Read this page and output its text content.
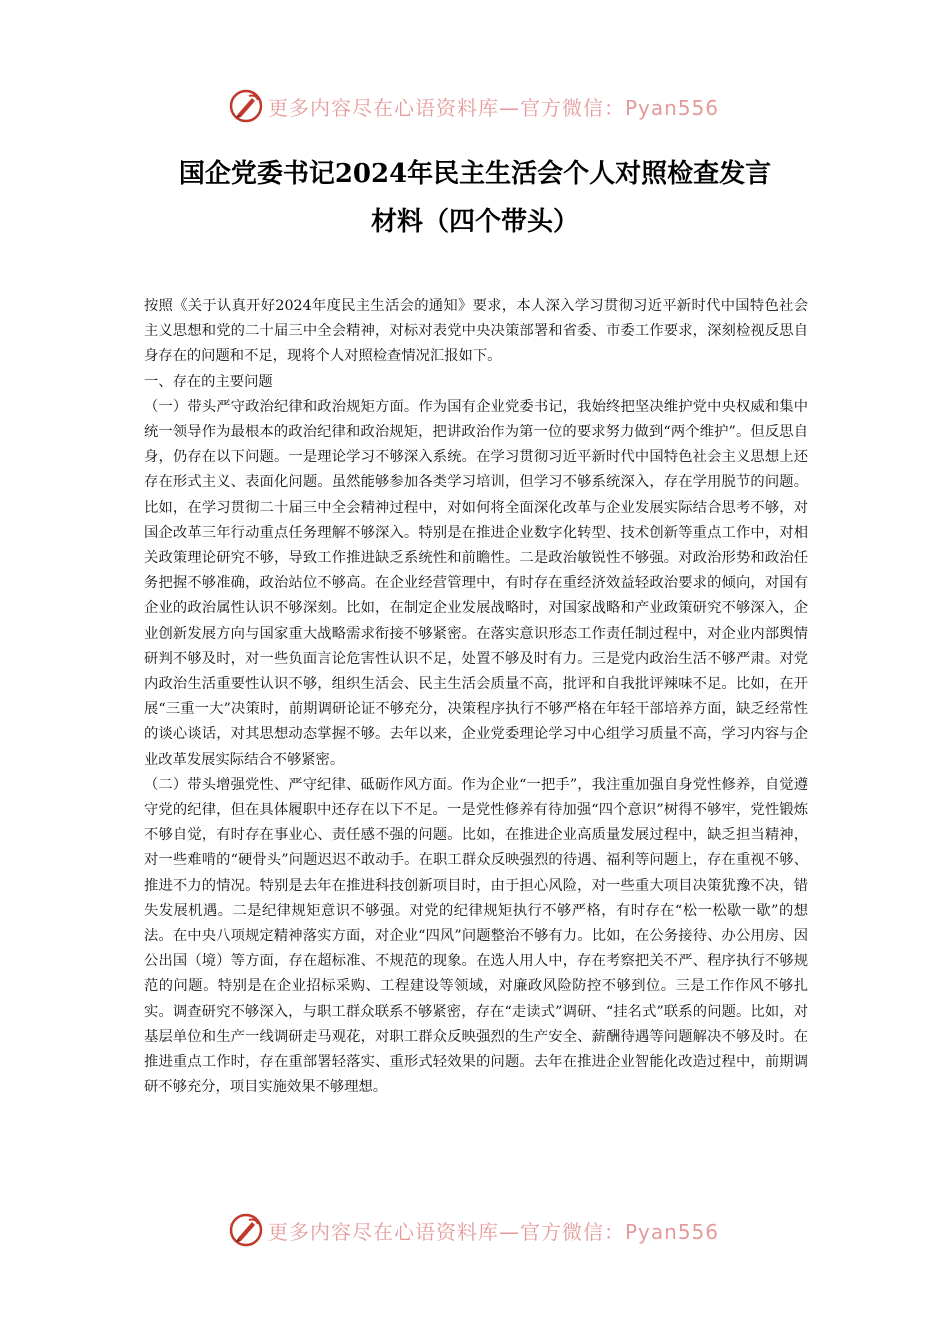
更多内容尽在心语资料库—官方微信：Pyan556
国企党委书记2024年民主生活会个人对照检查发言
材料（四个带头）

按照《关于认真开好2024年度民主生活会的通知》要求，本人深入学习贯彻习近平新时代中国特色社会主义思想和党的二十届三中全会精神，对标对表党中央决策部署和省委、市委工作要求，深刻检视反思自身存在的问题和不足，现将个人对照检查情况汇报如下。

一、存在的主要问题

（一）带头严守政治纪律和政治规矩方面。作为国有企业党委书记，我始终把坚决维护党中央权威和集中统一领导作为最根本的政治纪律和政治规矩，把讲政治作为第一位的要求努力做到“两个维护”。但反思自身，仍存在以下问题。一是理论学习不够深入系统。在学习贯彻习近平新时代中国特色社会主义思想上还存在形式主义、表面化问题。虽然能够参加各类学习培训，但学习不够系统深入，存在学用脱节的问题。比如，在学习贯彻二十届三中全会精神过程中，对如何将全面深化改革与企业发展实际结合思考不够，对国企改革三年行动重点任务理解不够深入。特别是在推进企业数字化转型、技术创新等重点工作中，对相关政策理论研究不够，导致工作推进缺乏系统性和前瞻性。二是政治敏锐性不够强。对政治形势和政治任务把握不够准确，政治站位不够高。在企业经营管理中，有时存在重经济效益轻政治要求的倾向，对国有企业的政治属性认识不够深刻。比如，在制定企业发展战略时，对国家战略和产业政策研究不够深入，企业创新发展方向与国家重大战略需求衔接不够紧密。在落实意识形态工作责任制过程中，对企业内部舆情研判不够及时，对一些负面言论危害性认识不足，处置不够及时有力。三是党内政治生活不够严肃。对党内政治生活重要性认识不够，组织生活会、民主生活会质量不高，批评和自我批评辣味不足。比如，在开展“三重一大”决策时，前期调研论证不够充分，决策程序执行不够严格在年轻干部培养方面，缺乏经常性的谈心谈话，对其思想动态掌握不够。去年以来，企业党委理论学习中心组学习质量不高，学习内容与企业改革发展实际结合不够紧密。

（二）带头增强党性、严守纪律、砥砺作风方面。作为企业“一把手”，我注重加强自身党性修养，自觉遵守党的纪律，但在具体履职中还存在以下不足。一是党性修养有待加强“四个意识”树得不够牢，党性锻炼不够自觉，有时存在事业心、责任感不强的问题。比如，在推进企业高质量发展过程中，缺乏担当精神，对一些难啃的“硬骨头”问题迟迟不敢动手。在职工群众反映强烈的待遇、福利等问题上，存在重视不够、推进不力的情况。特别是去年在推进科技创新项目时，由于担心风险，对一些重大项目决策犹豫不决，错失发展机遇。二是纪律规矩意识不够强。对党的纪律规矩执行不够严格，有时存在“松一松歇一歇”的想法。在中央八项规定精神落实方面，对企业“四风”问题整治不够有力。比如，在公务接待、办公用房、因公出国（境）等方面，存在超标准、不规范的现象。在选人用人中，存在考察把关不严、程序执行不够规范的问题。特别是在企业招标采购、工程建设等领域，对廉政风险防控不够到位。三是工作作风不够扎实。调查研究不够深入，与职工群众联系不够紧密，存在“走读式”调研、“挂名式”联系的问题。比如，对基层单位和生产一线调研走马观花，对职工群众反映强烈的生产安全、薪酬待遇等问题解决不够及时。在推进重点工作时，存在重部署轻落实、重形式轻效果的问题。去年在推进企业智能化改造过程中，前期调研不够充分，项目实施效果不够理想。

更多内容尽在心语资料库—官方微信：Pyan556
